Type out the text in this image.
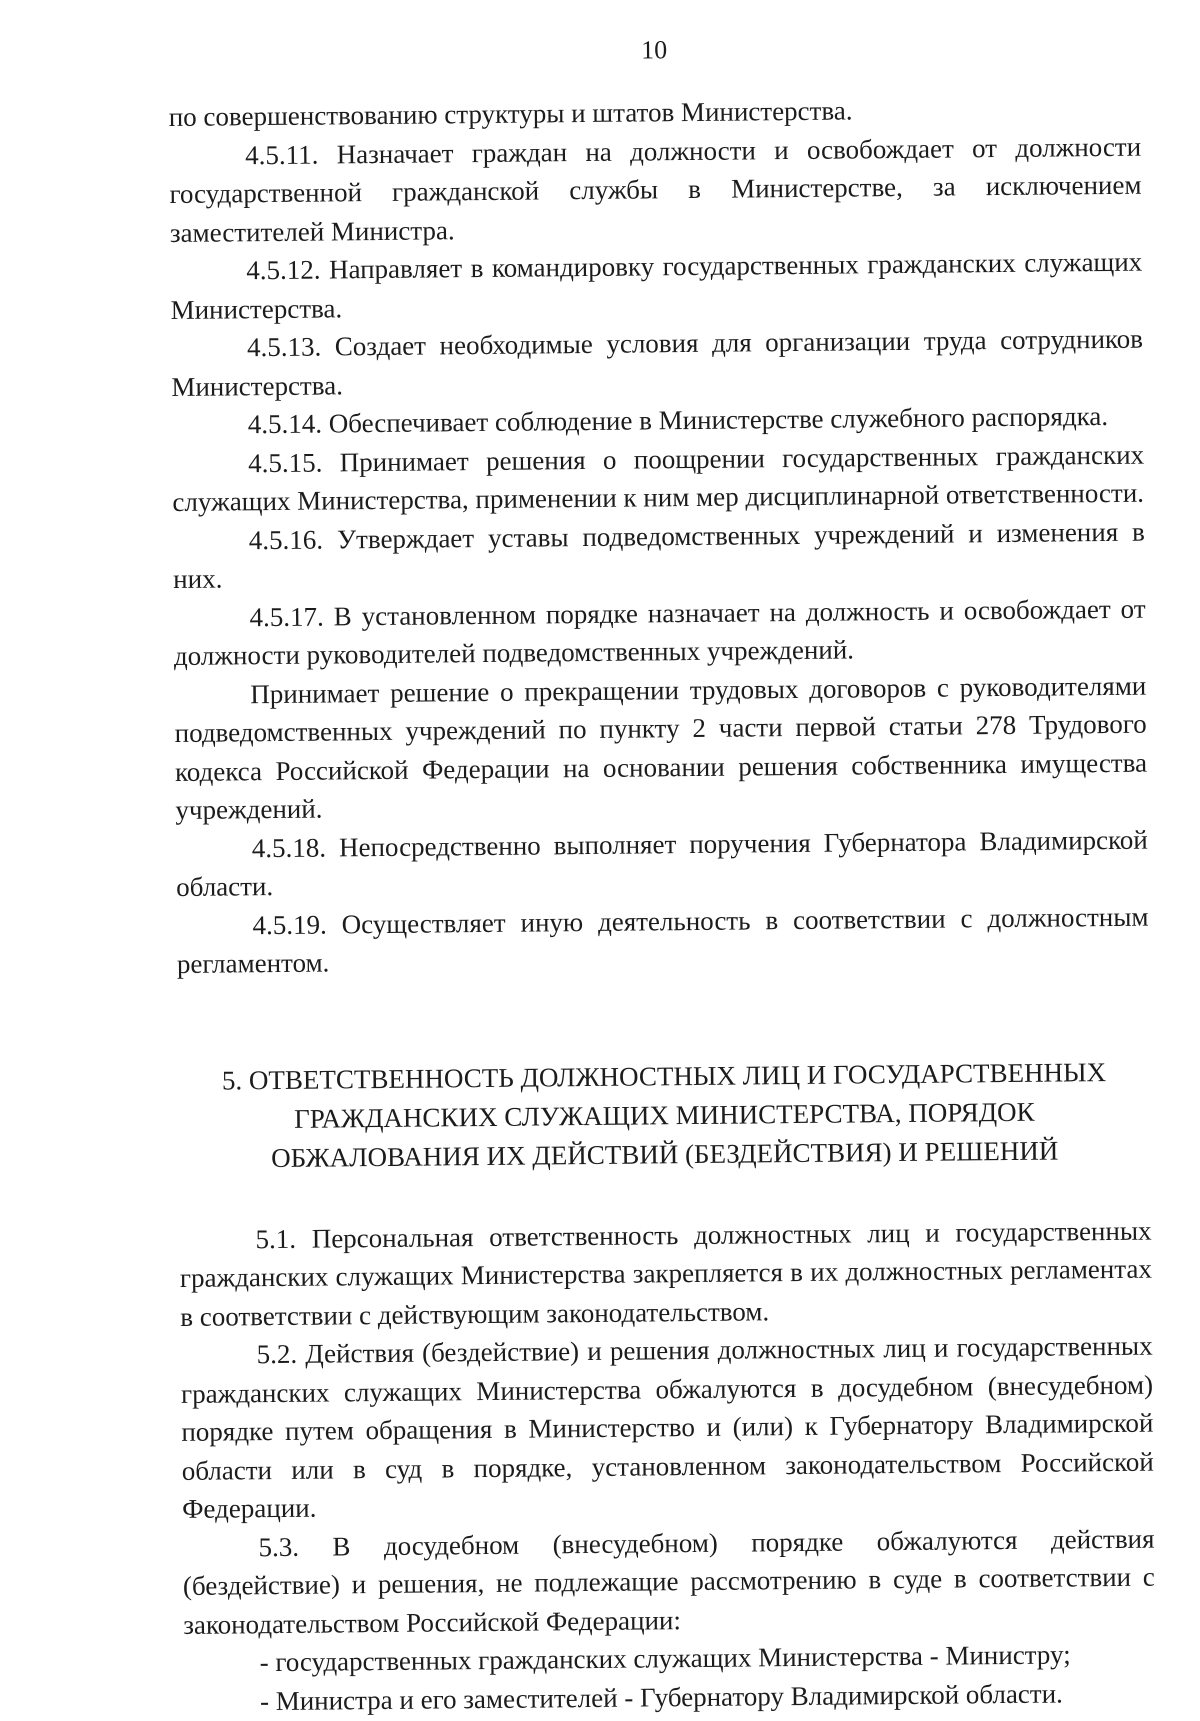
10

по совершенствованию структуры и штатов Министерства.

4.5.11. Назначает граждан на должности и освобождает от должности государственной гражданской службы в Министерстве, за исключением заместителей Министра.

4.5.12. Направляет в командировку государственных гражданских служащих Министерства.

4.5.13. Создает необходимые условия для организации труда сотрудников Министерства.

4.5.14. Обеспечивает соблюдение в Министерстве служебного распорядка.

4.5.15. Принимает решения о поощрении государственных гражданских служащих Министерства, применении к ним мер дисциплинарной ответственности.

4.5.16. Утверждает уставы подведомственных учреждений и изменения в них.

4.5.17. В установленном порядке назначает на должность и освобождает от должности руководителей подведомственных учреждений.

Принимает решение о прекращении трудовых договоров с руководителями подведомственных учреждений по пункту 2 части первой статьи 278 Трудового кодекса Российской Федерации на основании решения собственника имущества учреждений.

4.5.18. Непосредственно выполняет поручения Губернатора Владимирской области.

4.5.19. Осуществляет иную деятельность в соответствии с должностным регламентом.

5. ОТВЕТСТВЕННОСТЬ ДОЛЖНОСТНЫХ ЛИЦ И ГОСУДАРСТВЕННЫХ
ГРАЖДАНСКИХ СЛУЖАЩИХ МИНИСТЕРСТВА, ПОРЯДОК
ОБЖАЛОВАНИЯ ИХ ДЕЙСТВИЙ (БЕЗДЕЙСТВИЯ) И РЕШЕНИЙ

5.1. Персональная ответственность должностных лиц и государственных гражданских служащих Министерства закрепляется в их должностных регламентах в соответствии с действующим законодательством.

5.2. Действия (бездействие) и решения должностных лиц и государственных гражданских служащих Министерства обжалуются в досудебном (внесудебном) порядке путем обращения в Министерство и (или) к Губернатору Владимирской области или в суд в порядке, установленном законодательством Российской Федерации.

5.3. В досудебном (внесудебном) порядке обжалуются действия (бездействие) и решения, не подлежащие рассмотрению в суде в соответствии с законодательством Российской Федерации:

- государственных гражданских служащих Министерства - Министру;

- Министра и его заместителей - Губернатору Владимирской области.
